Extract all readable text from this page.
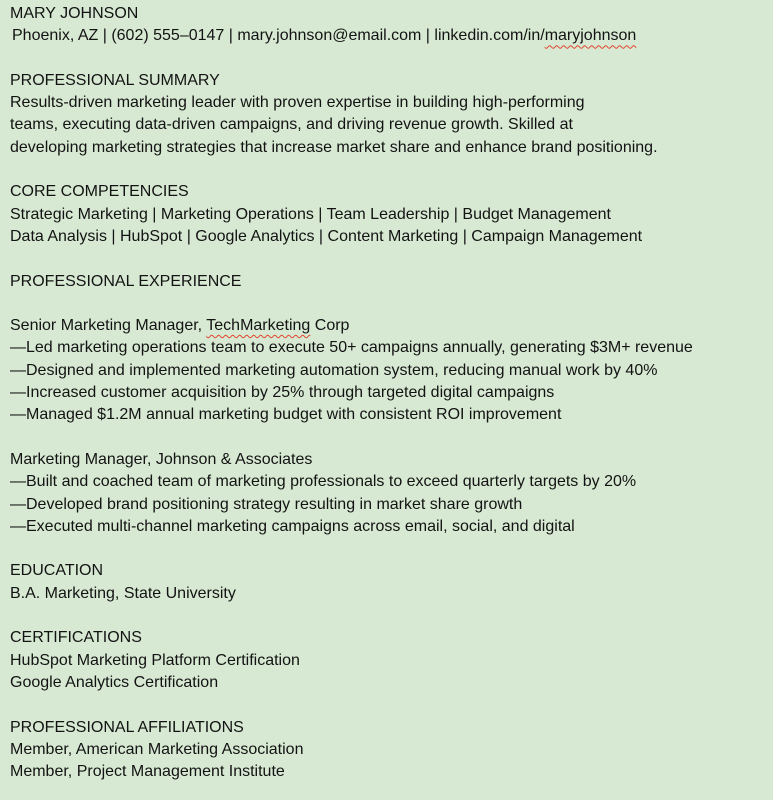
MARY JOHNSON
Phoenix, AZ | (602) 555–0147 | mary.johnson@email.com | linkedin.com/in/maryjohnson
PROFESSIONAL SUMMARY
Results-driven marketing leader with proven expertise in building high-performing
teams, executing data-driven campaigns, and driving revenue growth. Skilled at
developing marketing strategies that increase market share and enhance brand positioning.
CORE COMPETENCIES
Strategic Marketing | Marketing Operations | Team Leadership | Budget Management
Data Analysis | HubSpot | Google Analytics | Content Marketing | Campaign Management
PROFESSIONAL EXPERIENCE
Senior Marketing Manager, TechMarketing Corp
—Led marketing operations team to execute 50+ campaigns annually, generating $3M+ revenue
—Designed and implemented marketing automation system, reducing manual work by 40%
—Increased customer acquisition by 25% through targeted digital campaigns
—Managed $1.2M annual marketing budget with consistent ROI improvement
Marketing Manager, Johnson & Associates
—Built and coached team of marketing professionals to exceed quarterly targets by 20%
—Developed brand positioning strategy resulting in market share growth
—Executed multi-channel marketing campaigns across email, social, and digital
EDUCATION
B.A. Marketing, State University
CERTIFICATIONS
HubSpot Marketing Platform Certification
Google Analytics Certification
PROFESSIONAL AFFILIATIONS
Member, American Marketing Association
Member, Project Management Institute
